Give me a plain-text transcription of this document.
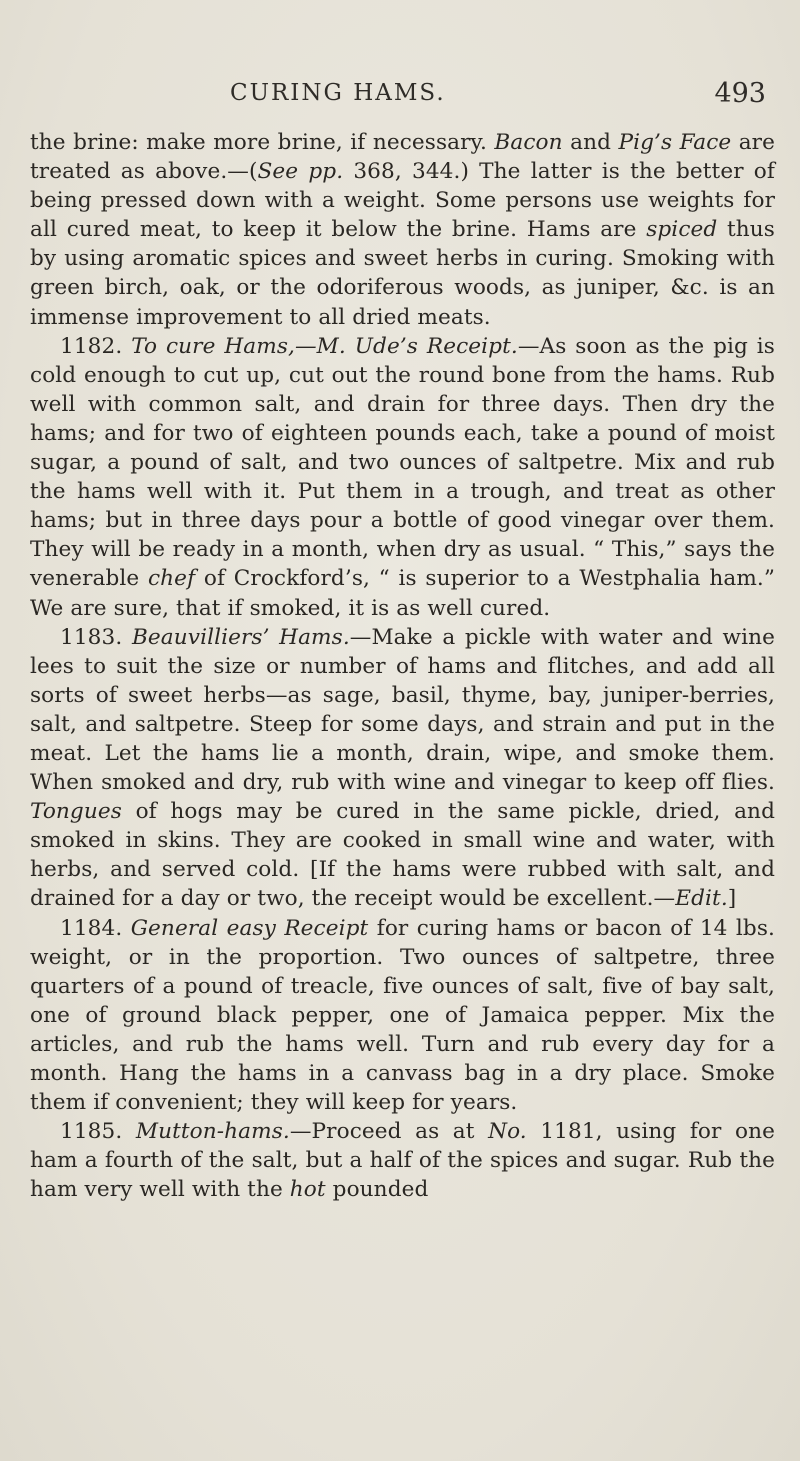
CURING HAMS.	493

the brine: make more brine, if necessary. Bacon and Pig’s Face are treated as above.—(See pp. 368, 344.) The latter is the better of being pressed down with a weight. Some persons use weights for all cured meat, to keep it below the brine. Hams are spiced thus by using aromatic spices and sweet herbs in curing. Smoking with green birch, oak, or the odoriferous woods, as juniper, &c. is an immense improvement to all dried meats.

1182. To cure Hams,—M. Ude’s Receipt.—As soon as the pig is cold enough to cut up, cut out the round bone from the hams. Rub well with common salt, and drain for three days. Then dry the hams; and for two of eighteen pounds each, take a pound of moist sugar, a pound of salt, and two ounces of saltpetre. Mix and rub the hams well with it. Put them in a trough, and treat as other hams; but in three days pour a bottle of good vinegar over them. They will be ready in a month, when dry as usual. “ This,” says the venerable chef of Crockford’s, “ is superior to a Westphalia ham.” We are sure, that if smoked, it is as well cured.

1183. Beauvilliers’ Hams.—Make a pickle with water and wine lees to suit the size or number of hams and flitches, and add all sorts of sweet herbs—as sage, basil, thyme, bay, juniper-berries, salt, and saltpetre. Steep for some days, and strain and put in the meat. Let the hams lie a month, drain, wipe, and smoke them. When smoked and dry, rub with wine and vinegar to keep off flies. Tongues of hogs may be cured in the same pickle, dried, and smoked in skins. They are cooked in small wine and water, with herbs, and served cold. [If the hams were rubbed with salt, and drained for a day or two, the receipt would be excellent.—Edit.]

1184. General easy Receipt for curing hams or bacon of 14 lbs. weight, or in the proportion. Two ounces of saltpetre, three quarters of a pound of treacle, five ounces of salt, five of bay salt, one of ground black pepper, one of Jamaica pepper. Mix the articles, and rub the hams well. Turn and rub every day for a month. Hang the hams in a canvass bag in a dry place. Smoke them if convenient; they will keep for years.

1185. Mutton-hams.—Proceed as at No. 1181, using for one ham a fourth of the salt, but a half of the spices and sugar. Rub the ham very well with the hot pounded
